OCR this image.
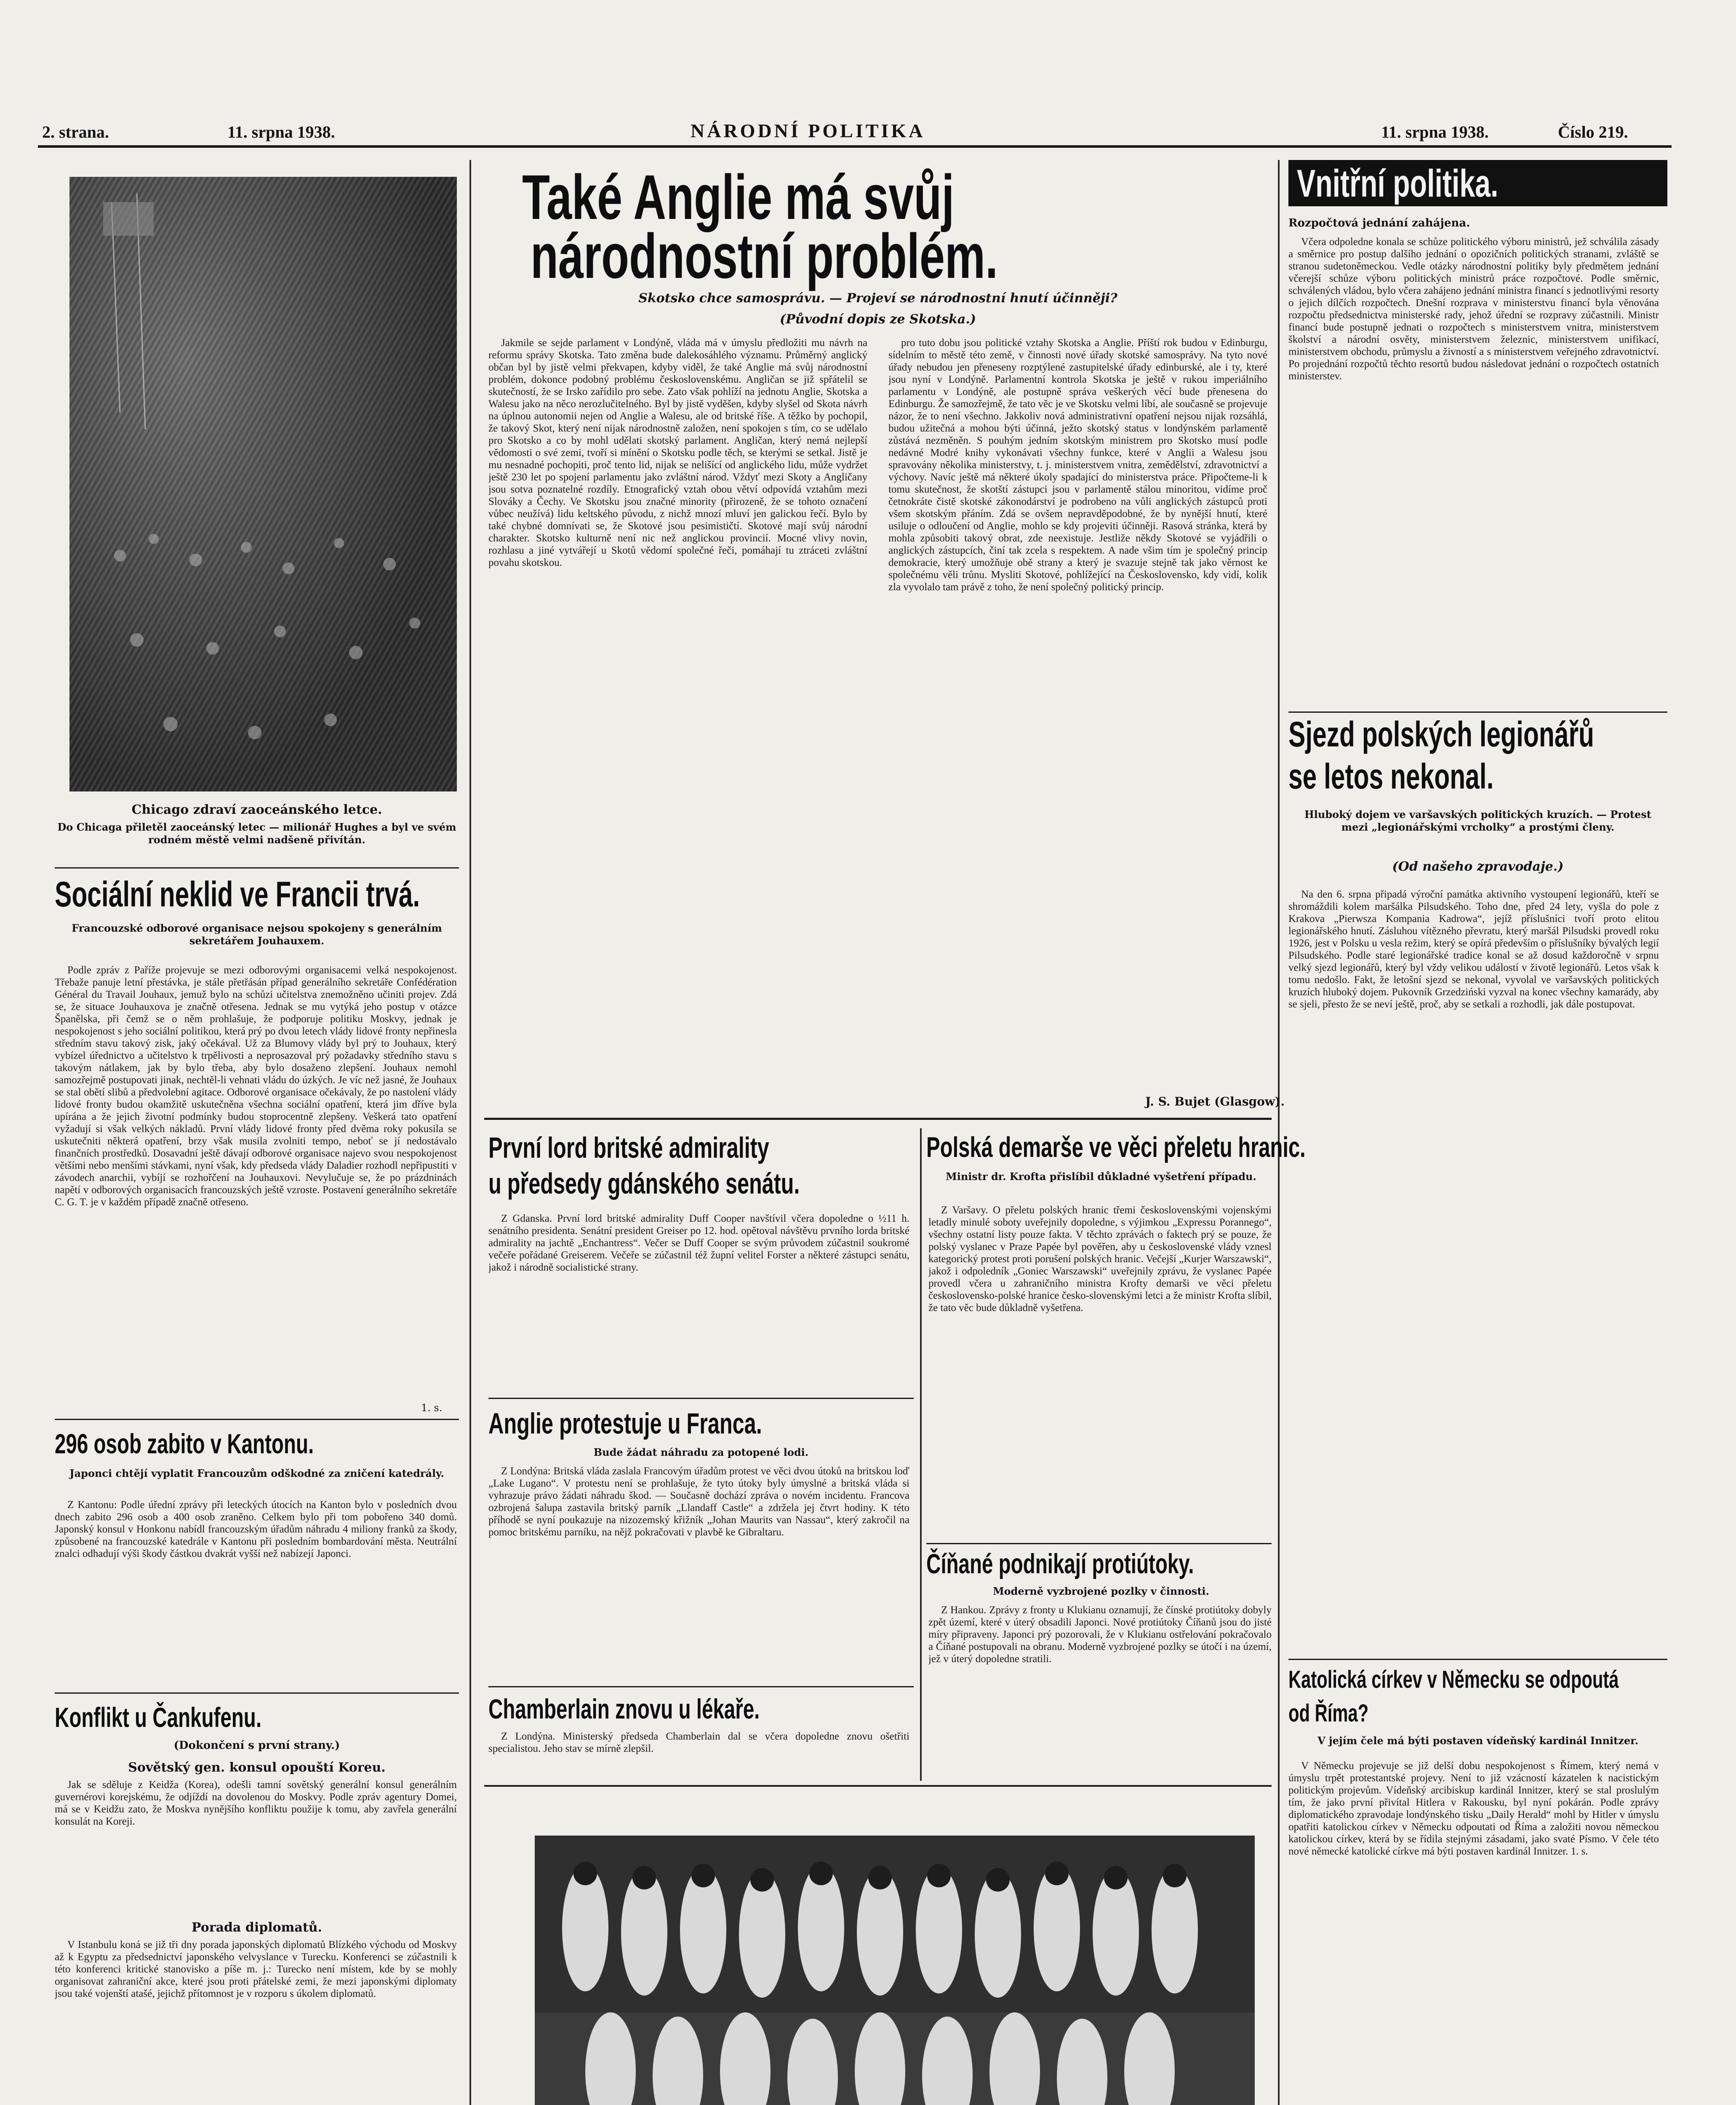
2. strana.	11. srpna 1938.	NÁRODNÍ POLITIKA	11. srpna 1938.	Číslo 219.
Chicago zdraví zaoceánského letce.
Do Chicaga přiletěl zaoceánský letec — milionář Hughes a byl ve svém rodném městě velmi nadšeně přivítán.
Sociální neklid ve Francii trvá.
Francouzské odborové organisace nejsou spokojeny s generálním sekretářem Jouhauxem.

Podle zpráv z Paříže projevuje se mezi odborovými organisacemi velká nespokojenost. Třebaže panuje letní přestávka, je stále přetřásán případ generálního sekretáře Confédération Général du Travail Jouhaux, jemuž bylo na schůzi učitelstva znemožněno učiniti projev. Zdá se, že situace Jouhauxova je značně otřesena. Jednak se mu vytýká jeho postup v otázce Španělska, při čemž se o něm prohlašuje, že podporuje politiku Moskvy, jednak je nespokojenost s jeho sociální politikou, která prý po dvou letech vlády lidové fronty nepřinesla středním stavu takový zisk, jaký očekával. Už za Blumovy vlády byl prý to Jouhaux, který vybízel úřednictvo a učitelstvo k trpělivosti a neprosazoval prý požadavky středního stavu s takovým nátlakem, jak by bylo třeba, aby bylo dosaženo zlepšení. Jouhaux nemohl samozřejmě postupovati jinak, nechtěl-li vehnati vládu do úzkých. Je víc než jasné, že Jouhaux se stal obětí slibů a předvolební agitace. Odborové organisace očekávaly, že po nastolení vlády lidové fronty budou okamžitě uskutečněna všechna sociální opatření, která jim dříve byla upírána a že jejich životní podmínky budou stoprocentně zlepšeny. Veškerá tato opatření vyžadují si však velkých nákladů. První vlády lidové fronty před dvěma roky pokusila se uskutečniti některá opatření, brzy však musila zvolniti tempo, neboť se jí nedostávalo finančních prostředků. Dosavadní ještě dávají odborové organisace najevo svou nespokojenost většími nebo menšími stávkami, nyní však, kdy předseda vlády Daladier rozhodl nepřipustiti v závodech anarchii, vybíjí se rozhořčení na Jouhauxovi. Nevylučuje se, že po prázdninách napětí v odborových organisacích francouzských ještě vzroste. Postavení generálního sekretáře C. G. T. je v každém případě značně otřeseno.

1. s.
296 osob zabito v Kantonu.
Japonci chtějí vyplatit Francouzům odškodné za zničení katedrály.

Z Kantonu: Podle úřední zprávy při leteckých útocích na Kanton bylo v posledních dvou dnech zabito 296 osob a 400 osob zraněno. Celkem bylo při tom pobořeno 340 domů. Japonský konsul v Honkonu nabídl francouzským úřadům náhradu 4 miliony franků za škody, způsobené na francouzské katedrále v Kantonu při posledním bombardování města. Neutrální znalci odhadují výši škody částkou dvakrát vyšší než nabízejí Japonci.

Konflikt u Čankufenu.
(Dokončení s první strany.)
Sovětský gen. konsul opouští Koreu.

Jak se sděluje z Keidža (Korea), odešli tamní sovětský generální konsul generálním guvernérovi korejskému, že odjíždí na dovolenou do Moskvy. Podle zpráv agentury Domei, má se v Keidžu zato, že Moskva nynějšího konfliktu použije k tomu, aby zavřela generální konsulát na Koreji.

Porada diplomatů.

V Istanbulu koná se již tři dny porada japonských diplomatů Blízkého východu od Moskvy až k Egyptu za předsednictví japonského velvyslance v Turecku. Konferenci se zúčastnili k této konferenci kritické stanovisko a píše m. j.: Turecko není místem, kde by se mohly organisovat zahraniční akce, které jsou proti přátelské zemi, že mezi japonskými diplomaty jsou také vojenští atašé, jejichž přítomnost je v rozporu s úkolem diplomatů.

Také Anglie má svůj
národnostní problém.
Skotsko chce samosprávu. — Projeví se národnostní hnutí účinněji?
(Původní dopis ze Skotska.)

Jakmile se sejde parlament v Londýně, vláda má v úmyslu předložiti mu návrh na reformu správy Skotska. Tato změna bude dalekosáhlého významu. Průměrný anglický občan byl by jistě velmi překvapen, kdyby viděl, že také Anglie má svůj národnostní problém, dokonce podobný problému československému. Angličan se již spřátelil se skutečností, že se Irsko zařídilo pro sebe. Zato však pohlíží na jednotu Anglie, Skotska a Walesu jako na něco nerozlučitelného. Byl by jistě vyděšen, kdyby slyšel od Skota návrh na úplnou autonomii nejen od Anglie a Walesu, ale od britské říše. A těžko by pochopil, že takový Skot, který není nijak národnostně založen, není spokojen s tím, co se udělalo pro Skotsko a co by mohl udělati skotský parlament. Angličan, který nemá nejlepší vědomosti o své zemi, tvoří si mínění o Skotsku podle těch, se kterými se setkal. Jistě je mu nesnadné pochopiti, proč tento lid, nijak se nelišící od anglického lidu, může vydržet ještě 230 let po spojení parlamentu jako zvláštní národ. Vždyť mezi Skoty a Angličany jsou sotva poznatelné rozdíly. Etnografický vztah obou větví odpovídá vztahům mezi Slováky a Čechy. Ve Skotsku jsou značné minority (přirozeně, že se tohoto označení vůbec neužívá) lidu keltského původu, z nichž mnozí mluví jen galickou řečí. Bylo by také chybné domnívati se, že Skotové jsou pesimističtí. Skotové mají svůj národní charakter. Skotsko kulturně není nic než anglickou provincií. Mocné vlivy novin, rozhlasu a jiné vytvářejí u Skotů vědomí společné řeči, pomáhají tu ztráceti zvláštní povahu skotskou.

pro tuto dobu jsou politické vztahy Skotska a Anglie. Příští rok budou v Edinburgu, sídelním to městě této země, v činnosti nové úřady skotské samosprávy. Na tyto nové úřady nebudou jen přeneseny rozptýlené zastupitelské úřady edinburské, ale i ty, které jsou nyní v Londýně. Parlamentní kontrola Skotska je ještě v rukou imperiálního parlamentu v Londýně, ale postupně správa veškerých věcí bude přenesena do Edinburgu. Že samozřejmě, že tato věc je ve Skotsku velmi líbí, ale současně se projevuje názor, že to není všechno. Jakkoliv nová administrativní opatření nejsou nijak rozsáhlá, budou užitečná a mohou býti účinná, ježto skotský status v londýnském parlamentě zůstává nezměněn. S pouhým jedním skotským ministrem pro Skotsko musí podle nedávné Modré knihy vykonávati všechny funkce, které v Anglii a Walesu jsou spravovány několika ministerstvy, t. j. ministerstvem vnitra, zemědělství, zdravotnictví a výchovy. Navíc ještě má některé úkoly spadající do ministerstva práce. Připočteme-li k tomu skutečnost, že skotští zástupci jsou v parlamentě stálou minoritou, vidíme proč četnokráte čistě skotské zákonodárství je podrobeno na vůli anglických zástupců proti všem skotským přáním. Zdá se ovšem nepravděpodobné, že by nynější hnutí, které usiluje o odloučení od Anglie, mohlo se kdy projeviti účinněji. Rasová stránka, která by mohla způsobiti takový obrat, zde neexistuje. Jestliže někdy Skotové se vyjádřili o anglických zástupcích, činí tak zcela s respektem. A nade všim tím je společný princip demokracie, který umožňuje obě strany a který je svazuje stejně tak jako věrnost ke společnému věli trůnu. Mysliti Skotové, pohlížející na Československo, kdy vidí, kolik zla vyvolalo tam právě z toho, že není společný politický princip.

J. S. Bujet (Glasgow).
První lord britské admirality
u předsedy gdánského senátu.

Z Gdanska. První lord britské admirality Duff Cooper navštívil včera dopoledne o ½11 h. senátního presidenta. Senátní president Greiser po 12. hod. opětoval návštěvu prvního lorda britské admirality na jachtě „Enchantress“. Večer se Duff Cooper se svým průvodem zúčastnil soukromé večeře pořádané Greiserem. Večeře se zúčastnil též župní velitel Forster a některé zástupci senátu, jakož i národně socialistické strany.

Anglie protestuje u Franca.
Bude žádat náhradu za potopené lodi.

Z Londýna: Britská vláda zaslala Francovým úřadům protest ve věci dvou útoků na britskou loď „Lake Lugano“. V protestu není se prohlašuje, že tyto útoky byly úmyslné a britská vláda si vyhrazuje právo žádati náhradu škod. — Současně dochází zpráva o novém incidentu. Francova ozbrojená šalupa zastavila britský parník „Llandaff Castle“ a zdržela jej čtvrt hodiny. K této příhodě se nyní poukazuje na nizozemský křižník „Johan Maurits van Nassau“, který zakročil na pomoc britskému parníku, na nějž pokračovati v plavbě ke Gibraltaru.

Chamberlain znovu u lékaře.

Z Londýna. Ministerský předseda Chamberlain dal se včera dopoledne znovu ošetřiti specialistou. Jeho stav se mírně zlepšil.

Polská demarše ve věci přeletu hranic.
Ministr dr. Krofta přislíbil důkladné vyšetření případu.

Z Varšavy. O přeletu polských hranic třemi československými vojenskými letadly minulé soboty uveřejnily dopoledne, s výjimkou „Expressu Porannego“, všechny ostatní listy pouze fakta. V těchto zprávách o faktech prý se pouze, že polský vyslanec v Praze Papée byl pověřen, aby u československé vlády vznesl kategorický protest proti porušení polských hranic. Večejší „Kurjer Warszawski“, jakož i odpoledník „Goniec Warszawski“ uveřejnily zprávu, že vyslanec Papée provedl včera u zahraničního ministra Krofty demarši ve věci přeletu československo-polské hranice česko-slovenskými letci a že ministr Krofta slíbil, že tato věc bude důkladně vyšetřena.

Číňané podnikají protiútoky.
Moderně vyzbrojené pozlky v činnosti.

Z Hankou. Zprávy z fronty u Klukianu oznamují, že čínské protiútoky dobyly zpět území, které v úterý obsadili Japonci. Nové protiútoky Číňanů jsou do jisté míry připraveny. Japonci prý pozorovali, že v Klukianu ostřelování pokračovalo a Číňané postupovali na obranu. Moderně vyzbrojené pozlky se útočí i na území, jež v úterý dopoledne stratili.

Vnitřní politika.
Rozpočtová jednání zahájena.

Včera odpoledne konala se schůze politického výboru ministrů, jež schválila zásady a směrnice pro postup dalšího jednání o opozičních politických stranami, zvláště se stranou sudetoněmeckou. Vedle otázky národnostní politiky byly předmětem jednání včerejší schůze výboru politických ministrů práce rozpočtové. Podle směrnic, schválených vládou, bylo včera zahájeno jednání ministra financí s jednotlivými resorty o jejich dílčích rozpočtech. Dnešní rozprava v ministerstvu financí byla věnována rozpočtu předsednictva ministerské rady, jehož úřední se rozpravy zúčastnili. Ministr financí bude postupně jednati o rozpočtech s ministerstvem vnitra, ministerstvem školství a národní osvěty, ministerstvem železnic, ministerstvem unifikací, ministerstvem obchodu, průmyslu a živností a s ministerstvem veřejného zdravotnictví. Po projednání rozpočtů těchto resortů budou následovat jednání o rozpočtech ostatních ministerstev.

Sjezd polských legionářů
se letos nekonal.
Hluboký dojem ve varšavských politických kruzích. — Protest mezi „legionářskými vrcholky“ a prostými členy.
(Od našeho zpravodaje.)

Na den 6. srpna připadá výroční památka aktivního vystoupení legionářů, kteří se shromáždili kolem maršálka Pilsudského. Toho dne, před 24 lety, vyšla do pole z Krakova „Pierwsza Kompania Kadrowa“, jejíž příslušníci tvoří proto elitou legionářského hnutí. Zásluhou vítězného převratu, který maršál Pilsudski provedl roku 1926, jest v Polsku u vesla režim, který se opírá především o příslušníky bývalých legií Pilsudského. Podle staré legionářské tradice konal se až dosud každoročně v srpnu velký sjezd legionářů, který byl vždy velikou událostí v životě legionářů. Letos však k tomu nedošlo. Fakt, že letošní sjezd se nekonal, vyvolal ve varšavských politických kruzích hluboký dojem. Pukovník Grzedziński vyzval na konec všechny kamarády, aby se sjeli, přesto že se neví ještě, proč, aby se setkali a rozhodli, jak dále postupovat.

Katolická církev v Německu se odpoutá
od Říma?
V jejím čele má býti postaven vídeňský kardinál Innitzer.

V Německu projevuje se již delší dobu nespokojenost s Římem, který nemá v úmyslu trpět protestantské projevy. Není to již vzácností kázatelen k nacistickým politickým projevům. Vídeňský arcibiskup kardinál Innitzer, který se stal proslulým tím, že jako první přivítal Hitlera v Rakousku, byl nyní pokárán. Podle zprávy diplomatického zpravodaje londýnského tisku „Daily Herald“ mohl by Hitler v úmyslu opatřiti katolickou církev v Německu odpoutati od Říma a založiti novou německou katolickou církev, která by se řídila stejnými zásadami, jako svaté Písmo. V čele této nové německé katolické církve má býti postaven kardinál Innitzer. 1. s.
